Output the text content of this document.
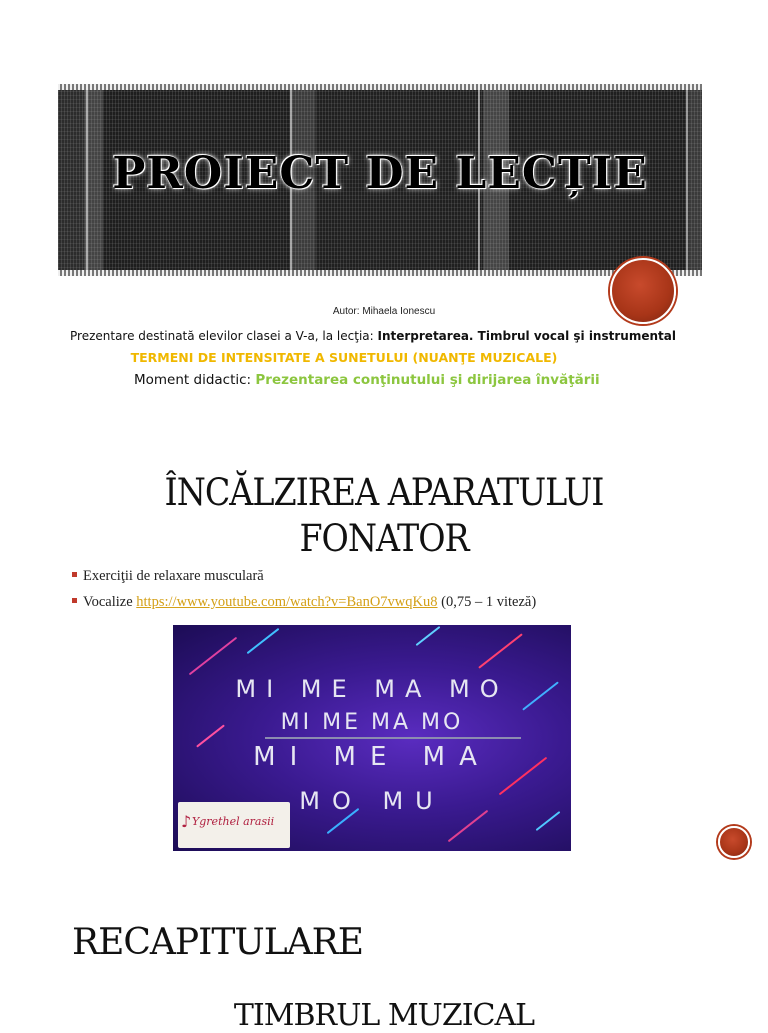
PROIECT DE LECȚIE
Autor: Mihaela Ionescu
Prezentare destinată elevilor clasei a V-a, la lecţia: Interpretarea. Timbrul vocal şi instrumental
TERMENI DE INTENSITATE A SUNETULUI (NUANŢE MUZICALE)
Moment didactic: Prezentarea conţinutului şi dirijarea învăţării
ÎNCĂLZIREA APARATULUI
FONATOR
Exerciţii de relaxare musculară
Vocalize https://www.youtube.com/watch?v=BanO7vwqKu8 (0,75 – 1 viteză)
MI ME MA MO
MI ME MA MO
MI ME MA
MO MU
♪ Ygrethel arasii
RECAPITULARE
TIMBRUL MUZICAL
